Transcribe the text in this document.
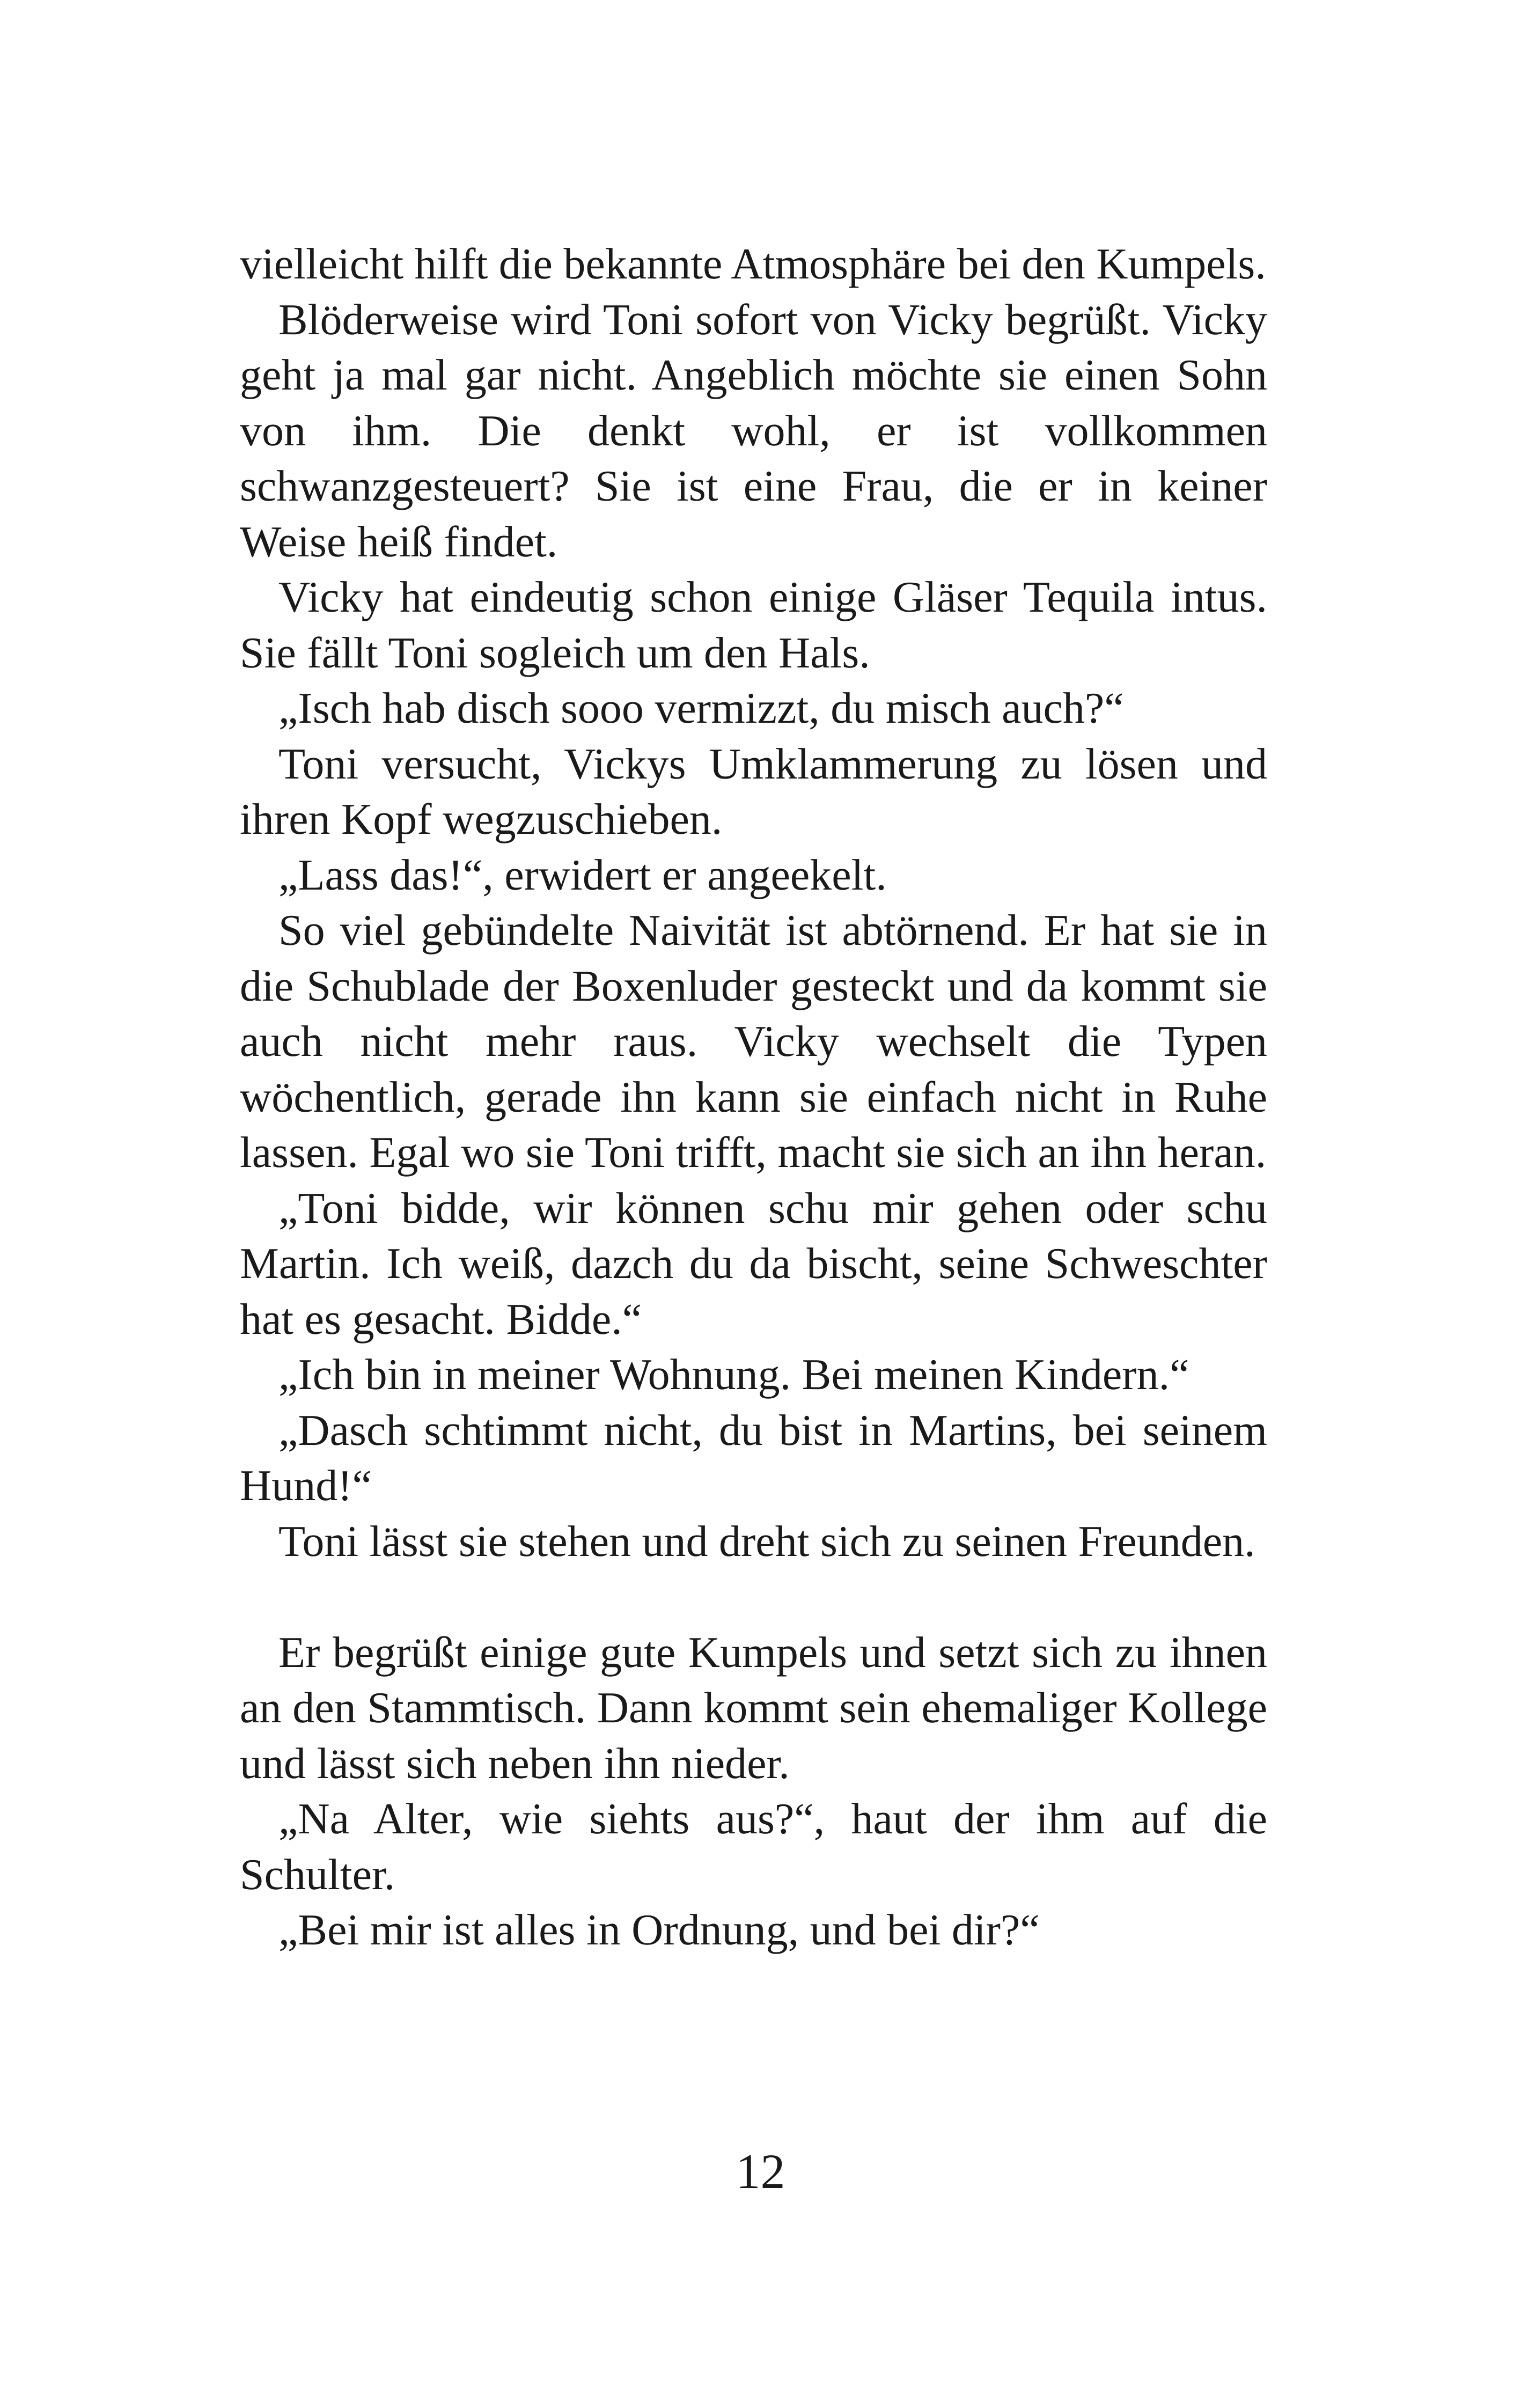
vielleicht hilft die bekannte Atmosphäre bei den Kumpels.

Blöderweise wird Toni sofort von Vicky begrüßt. Vicky geht ja mal gar nicht. Angeblich möchte sie einen Sohn von ihm. Die denkt wohl, er ist vollkommen schwanzgesteuert? Sie ist eine Frau, die er in keiner Weise heiß findet.

Vicky hat eindeutig schon einige Gläser Tequila intus. Sie fällt Toni sogleich um den Hals.

„Isch hab disch sooo vermizzt, du misch auch?“

Toni versucht, Vickys Umklammerung zu lösen und ihren Kopf wegzuschieben.

„Lass das!“, erwidert er angeekelt.

So viel gebündelte Naivität ist abtörnend. Er hat sie in die Schublade der Boxenluder gesteckt und da kommt sie auch nicht mehr raus. Vicky wechselt die Typen wöchentlich, gerade ihn kann sie einfach nicht in Ruhe lassen. Egal wo sie Toni trifft, macht sie sich an ihn heran.

„Toni bidde, wir können schu mir gehen oder schu Martin. Ich weiß, dazch du da bischt, seine Schweschter hat es gesacht. Bidde.“

„Ich bin in meiner Wohnung. Bei meinen Kindern.“

„Dasch schtimmt nicht, du bist in Martins, bei seinem Hund!“

Toni lässt sie stehen und dreht sich zu seinen Freunden.

Er begrüßt einige gute Kumpels und setzt sich zu ihnen an den Stammtisch. Dann kommt sein ehemaliger Kollege und lässt sich neben ihn nieder.

„Na Alter, wie siehts aus?“, haut der ihm auf die Schulter.

„Bei mir ist alles in Ordnung, und bei dir?“

12
